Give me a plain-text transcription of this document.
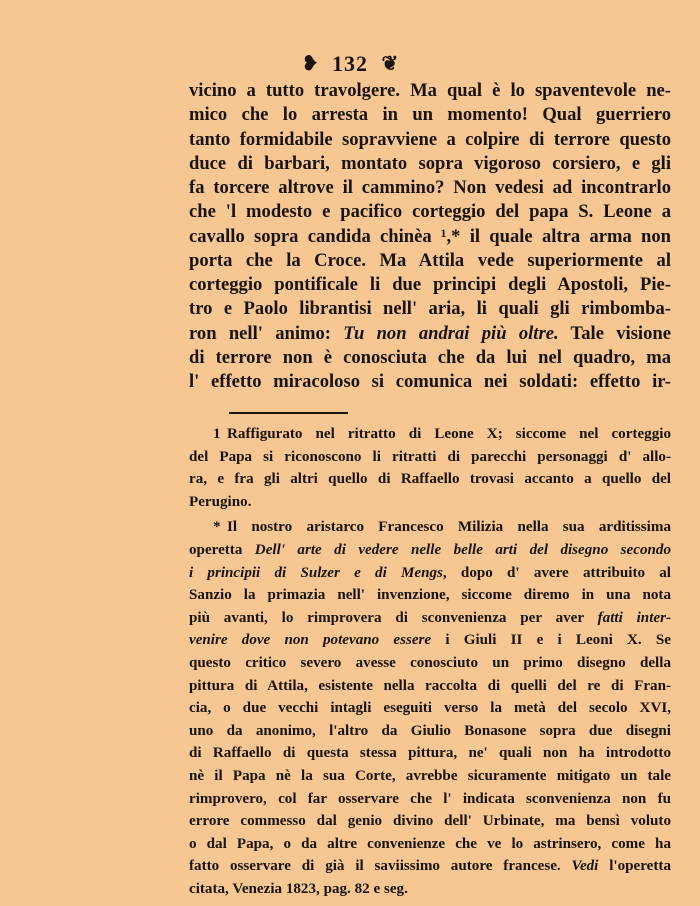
❥ 132 ❦
vicino a tutto travolgere. Ma qual è lo spaventevole ne-
mico che lo arresta in un momento! Qual guerriero
tanto formidabile sopravviene a colpire di terrore questo
duce di barbari, montato sopra vigoroso corsiero, e gli
fa torcere altrove il cammino? Non vedesi ad incontrarlo
che 'l modesto e pacifico corteggio del papa S. Leone a
cavallo sopra candida chinèa ¹,* il quale altra arma non
porta che la Croce. Ma Attila vede superiormente al
corteggio pontificale li due principi degli Apostoli, Pie-
tro e Paolo librantisi nell' aria, li quali gli rimbomba-
ron nell' animo: Tu non andrai più oltre. Tale visione
di terrore non è conosciuta che da lui nel quadro, ma
l' effetto miracoloso si comunica nei soldati: effetto ir-
1 Raffigurato nel ritratto di Leone X; siccome nel corteggio
del Papa si riconoscono li ritratti di parecchi personaggi d' allo-
ra, e fra gli altri quello di Raffaello trovasi accanto a quello del
Perugino.
* Il nostro aristarco Francesco Milizia nella sua arditissima
operetta Dell' arte di vedere nelle belle arti del disegno secondo
i principii di Sulzer e di Mengs, dopo d' avere attribuito al
Sanzio la primazia nell' invenzione, siccome diremo in una nota
più avanti, lo rimprovera di sconvenienza per aver fatti inter-
venire dove non potevano essere i Giuli II e i Leoni X. Se
questo critico severo avesse conosciuto un primo disegno della
pittura di Attila, esistente nella raccolta di quelli del re di Fran-
cia, o due vecchi intagli eseguiti verso la metà del secolo XVI,
uno da anonimo, l'altro da Giulio Bonasone sopra due disegni
di Raffaello di questa stessa pittura, ne' quali non ha introdotto
nè il Papa nè la sua Corte, avrebbe sicuramente mitigato un tale
rimprovero, col far osservare che l' indicata sconvenienza non fu
errore commesso dal genio divino dell' Urbinate, ma bensì voluto
o dal Papa, o da altre convenienze che ve lo astrinsero, come ha
fatto osservare di già il saviissimo autore francese. Vedi l'operetta
citata, Venezia 1823, pag. 82 e seg.
